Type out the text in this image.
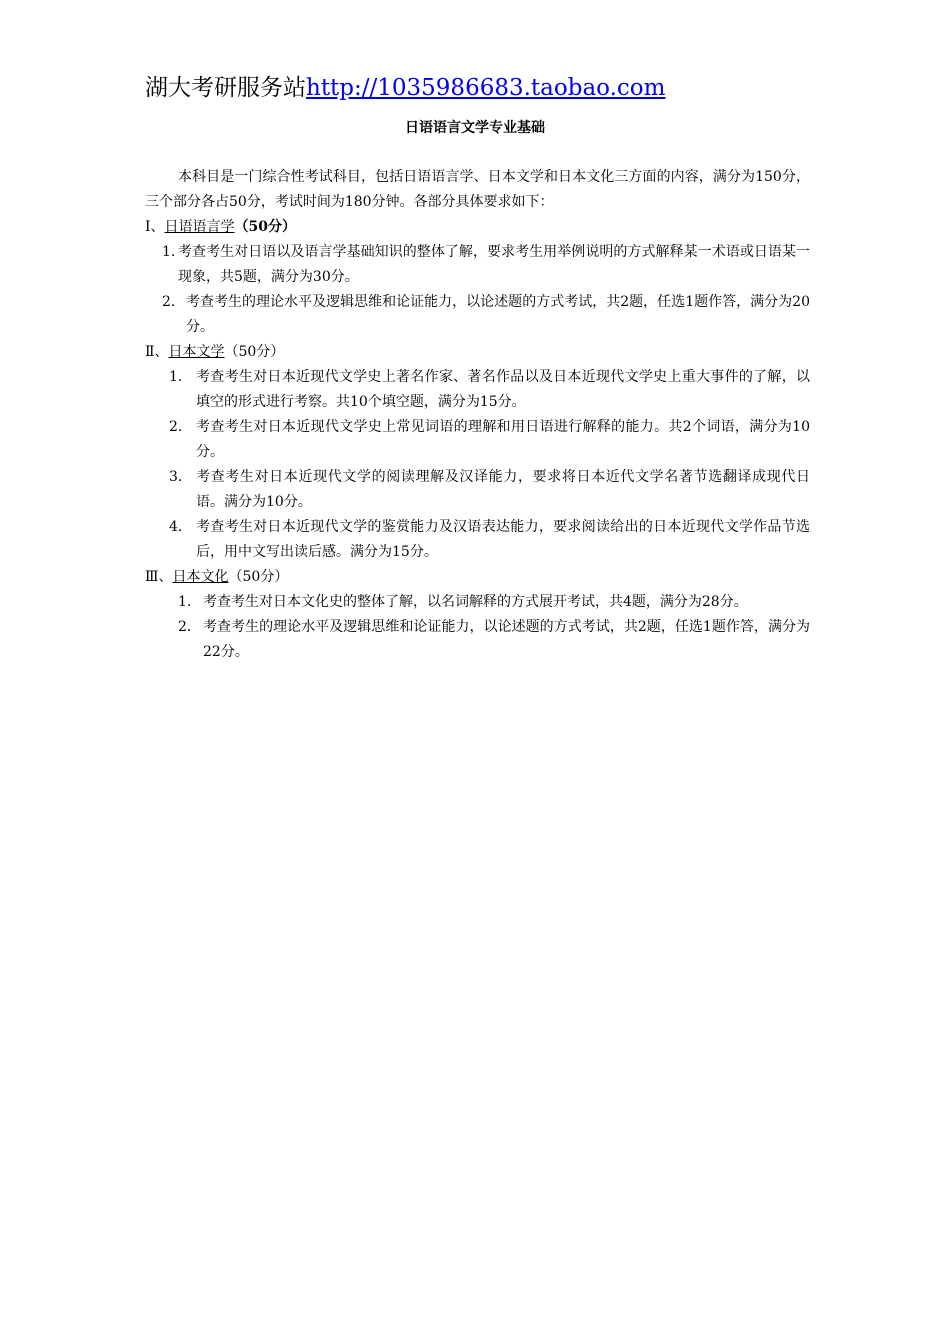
湖大考研服务站http://1035986683.taobao.com
日语语言文学专业基础

本科目是一门综合性考试科目，包括日语语言学、日本文学和日本文化三方面的内容，满分为150分，三个部分各占50分，考试时间为180分钟。各部分具体要求如下：

Ⅰ、日语语言学（50分）

1. 考查考生对日语以及语言学基础知识的整体了解，要求考生用举例说明的方式解释某一术语或日语某一现象，共5题，满分为30分。
2． 考查考生的理论水平及逻辑思维和论证能力，以论述题的方式考试，共2题，任选1题作答，满分为20分。

Ⅱ、日本文学（50分）

1． 考查考生对日本近现代文学史上著名作家、著名作品以及日本近现代文学史上重大事件的了解，以填空的形式进行考察。共10个填空题，满分为15分。
2． 考查考生对日本近现代文学史上常见词语的理解和用日语进行解释的能力。共2个词语，满分为10分。
3． 考查考生对日本近现代文学的阅读理解及汉译能力，要求将日本近代文学名著节选翻译成现代日语。满分为10分。
4． 考查考生对日本近现代文学的鉴赏能力及汉语表达能力，要求阅读给出的日本近现代文学作品节选后，用中文写出读后感。满分为15分。

Ⅲ、日本文化（50分）

1． 考查考生对日本文化史的整体了解，以名词解释的方式展开考试，共4题，满分为28分。
2． 考查考生的理论水平及逻辑思维和论证能力，以论述题的方式考试，共2题，任选1题作答，满分为22分。
